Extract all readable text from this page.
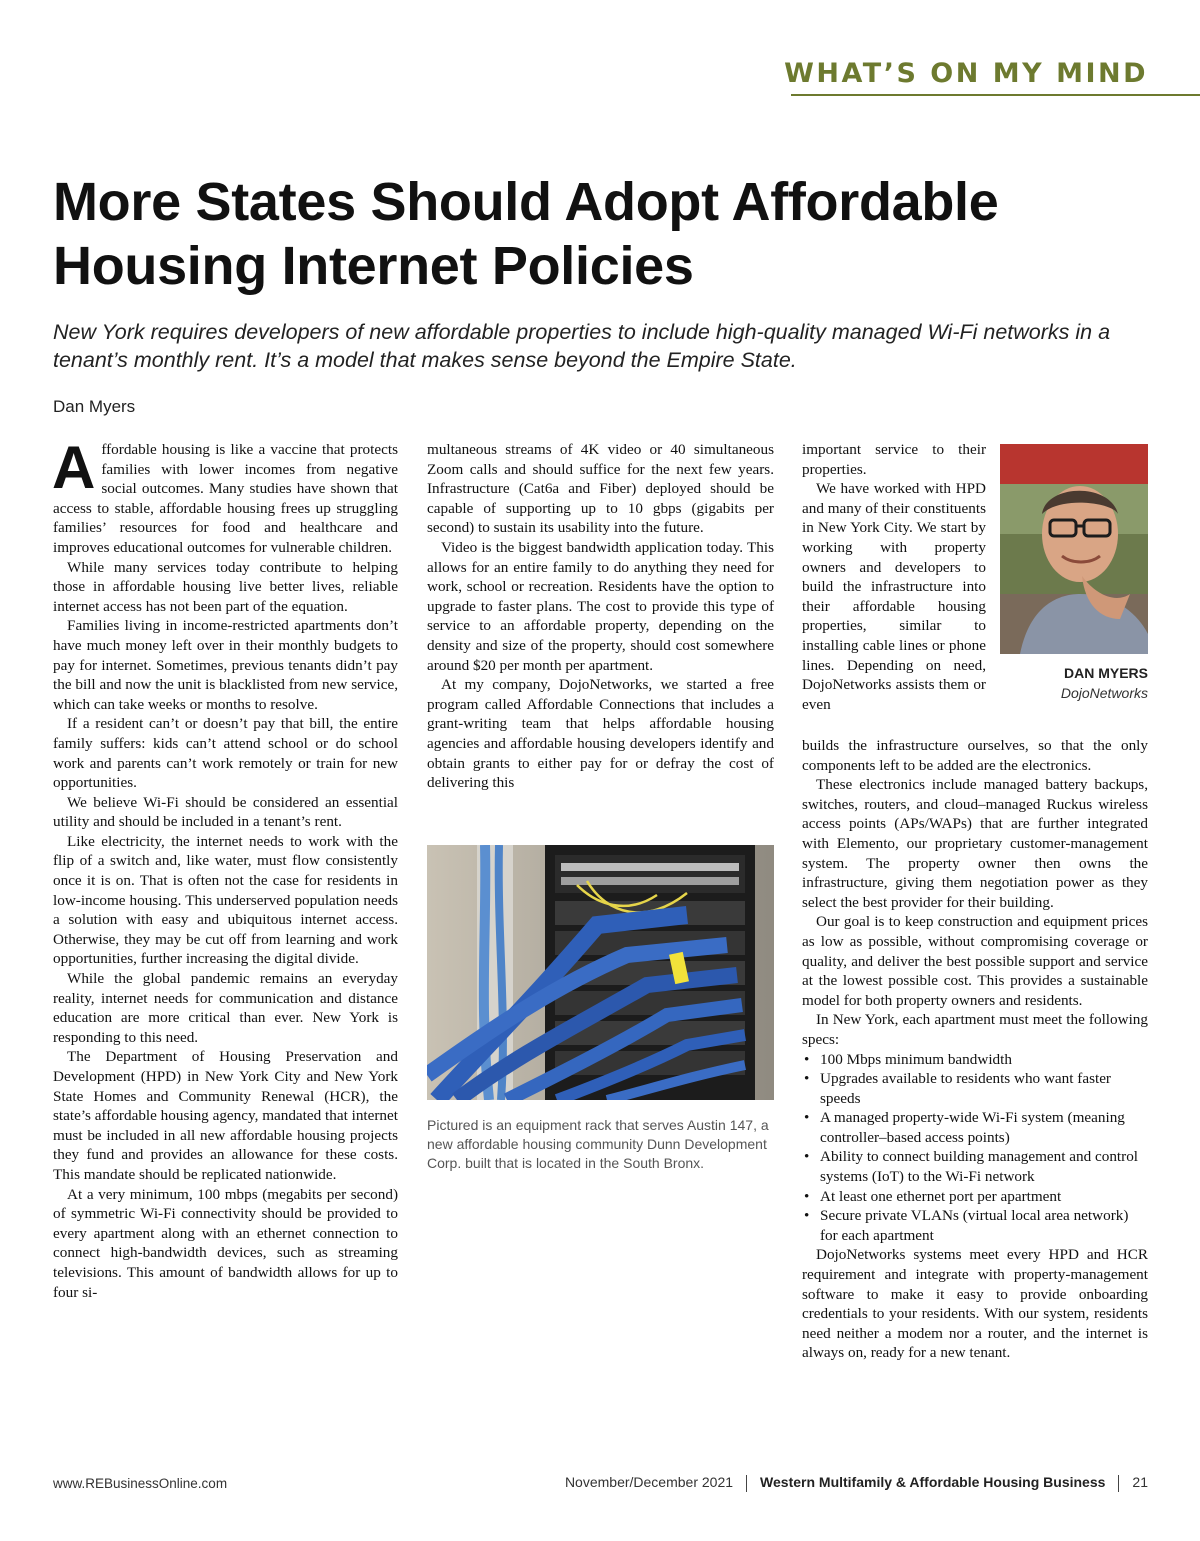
WHAT’S ON MY MIND
More States Should Adopt Affordable Housing Internet Policies
New York requires developers of new affordable properties to include high-quality managed Wi-Fi networks in a tenant’s monthly rent. It’s a model that makes sense beyond the Empire State.
Dan Myers

Affordable housing is like a vaccine that protects families with lower incomes from negative social outcomes. Many studies have shown that access to stable, affordable housing frees up struggling families’ resources for food and healthcare and improves educational outcomes for vulnerable children.

While many services today contribute to helping those in affordable housing live better lives, reliable internet access has not been part of the equation.

Families living in income-restricted apartments don’t have much money left over in their monthly budgets to pay for internet. Sometimes, previous tenants didn’t pay the bill and now the unit is blacklisted from new service, which can take weeks or months to resolve.

If a resident can’t or doesn’t pay that bill, the entire family suffers: kids can’t attend school or do school work and parents can’t work remotely or train for new opportunities.

We believe Wi-Fi should be considered an essential utility and should be included in a tenant’s rent.

Like electricity, the internet needs to work with the flip of a switch and, like water, must flow consistently once it is on. That is often not the case for residents in low-income housing. This underserved population needs a solution with easy and ubiquitous internet access. Otherwise, they may be cut off from learning and work opportunities, further increasing the digital divide.

While the global pandemic remains an everyday reality, internet needs for communication and distance education are more critical than ever. New York is responding to this need.

The Department of Housing Preservation and Development (HPD) in New York City and New York State Homes and Community Renewal (HCR), the state’s affordable housing agency, mandated that internet must be included in all new affordable housing projects they fund and provides an allowance for these costs. This mandate should be replicated nationwide.

At a very minimum, 100 mbps (megabits per second) of symmetric Wi-Fi connectivity should be provided to every apartment along with an ethernet connection to connect high-bandwidth devices, such as streaming televisions. This amount of bandwidth allows for up to four si-

multaneous streams of 4K video or 40 simultaneous Zoom calls and should suffice for the next few years. Infrastructure (Cat6a and Fiber) deployed should be capable of supporting up to 10 gbps (gigabits per second) to sustain its usability into the future.

Video is the biggest bandwidth application today. This allows for an entire family to do anything they need for work, school or recreation. Residents have the option to upgrade to faster plans. The cost to provide this type of service to an affordable property, depending on the density and size of the property, should cost somewhere around $20 per month per apartment.

At my company, DojoNetworks, we started a free program called Affordable Connections that includes a grant-writing team that helps affordable housing agencies and affordable housing developers identify and obtain grants to either pay for or defray the cost of delivering this

Pictured is an equipment rack that serves Austin 147, a new affordable housing community Dunn Development Corp. built that is located in the South Bronx.

important service to their properties.

We have worked with HPD and many of their constituents in New York City. We start by working with property owners and developers to build the infrastructure into their affordable housing properties, similar to installing cable lines or phone lines. Depending on need, DojoNetworks assists them or even

DAN MYERS
DojoNetworks

builds the infrastructure ourselves, so that the only components left to be added are the electronics.

These electronics include managed battery backups, switches, routers, and cloud–managed Ruckus wireless access points (APs/WAPs) that are further integrated with Elemento, our proprietary customer-management system. The property owner then owns the infrastructure, giving them negotiation power as they select the best provider for their building.

Our goal is to keep construction and equipment prices as low as possible, without compromising coverage or quality, and deliver the best possible support and service at the lowest possible cost. This provides a sustainable model for both property owners and residents.

In New York, each apartment must meet the following specs:

• 100 Mbps minimum bandwidth
• Upgrades available to residents who want faster speeds
• A managed property-wide Wi-Fi system (meaning controller–based access points)
• Ability to connect building management and control systems (IoT) to the Wi-Fi network
• At least one ethernet port per apartment
• Secure private VLANs (virtual local area network) for each apartment

DojoNetworks systems meet every HPD and HCR requirement and integrate with property-management software to make it easy to provide onboarding credentials to your residents. With our system, residents need neither a modem nor a router, and the internet is always on, ready for a new tenant.

www.REBusinessOnline.com	November/December 2021 Western Multifamily & Affordable Housing Business 21
